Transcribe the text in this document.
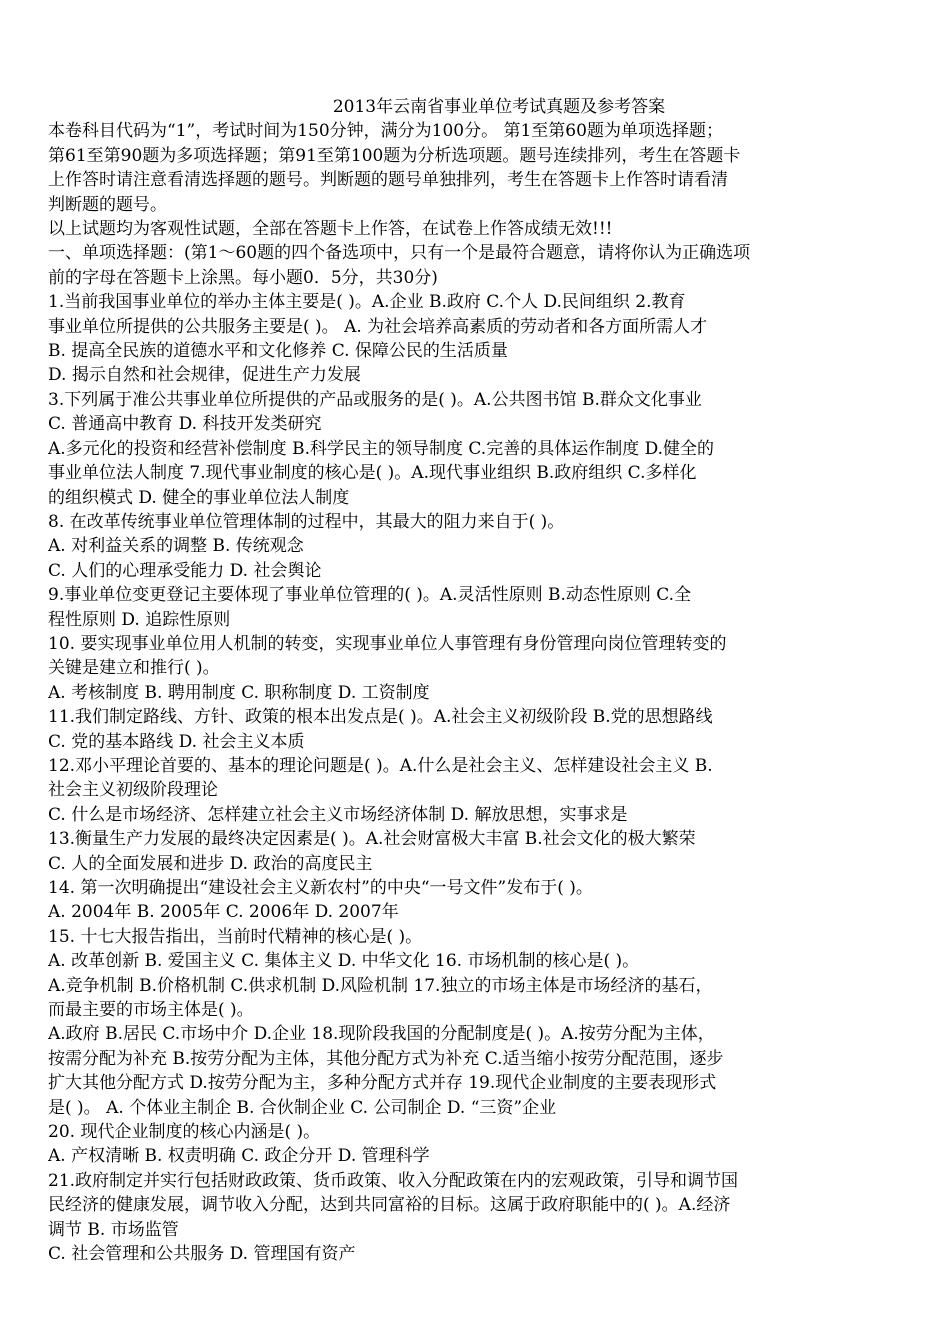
2013年云南省事业单位考试真题及参考答案

本卷科目代码为“1”，考试时间为150分钟，满分为100分。 第1至第60题为单项选择题；

第61至第90题为多项选择题；第91至第100题为分析选项题。题号连续排列，考生在答题卡

上作答时请注意看清选择题的题号。判断题的题号单独排列，考生在答题卡上作答时请看清

判断题的题号。

以上试题均为客观性试题，全部在答题卡上作答，在试卷上作答成绩无效!!!

一、单项选择题：(第1～60题的四个备选项中，只有一个是最符合题意，请将你认为正确选项

前的字母在答题卡上涂黑。每小题0．5分，共30分)

1.当前我国事业单位的举办主体主要是( )。A.企业 B.政府 C.个人 D.民间组织 2.教育

事业单位所提供的公共服务主要是( )。 A. 为社会培养高素质的劳动者和各方面所需人才

B. 提高全民族的道德水平和文化修养 C. 保障公民的生活质量

D. 揭示自然和社会规律，促进生产力发展

3.下列属于准公共事业单位所提供的产品或服务的是( )。A.公共图书馆 B.群众文化事业

C. 普通高中教育 D. 科技开发类研究

A.多元化的投资和经营补偿制度 B.科学民主的领导制度 C.完善的具体运作制度 D.健全的

事业单位法人制度 7.现代事业制度的核心是( )。A.现代事业组织 B.政府组织 C.多样化

的组织模式 D. 健全的事业单位法人制度

8. 在改革传统事业单位管理体制的过程中，其最大的阻力来自于( )。

A. 对利益关系的调整 B. 传统观念

C. 人们的心理承受能力 D. 社会舆论

9.事业单位变更登记主要体现了事业单位管理的( )。A.灵活性原则 B.动态性原则 C.全

程性原则 D. 追踪性原则

10. 要实现事业单位用人机制的转变，实现事业单位人事管理有身份管理向岗位管理转变的

关键是建立和推行( )。

A. 考核制度 B. 聘用制度 C. 职称制度 D. 工资制度

11.我们制定路线、方针、政策的根本出发点是( )。A.社会主义初级阶段 B.党的思想路线

C. 党的基本路线 D. 社会主义本质

12.邓小平理论首要的、基本的理论问题是( )。A.什么是社会主义、怎样建设社会主义 B.

社会主义初级阶段理论

C. 什么是市场经济、怎样建立社会主义市场经济体制 D. 解放思想，实事求是

13.衡量生产力发展的最终决定因素是( )。A.社会财富极大丰富 B.社会文化的极大繁荣

C. 人的全面发展和进步 D. 政治的高度民主

14. 第一次明确提出“建设社会主义新农村”的中央“一号文件”发布于( )。

A. 2004年 B. 2005年 C. 2006年 D. 2007年

15. 十七大报告指出，当前时代精神的核心是( )。

A. 改革创新 B. 爱国主义 C. 集体主义 D. 中华文化 16. 市场机制的核心是( )。

A.竞争机制 B.价格机制 C.供求机制 D.风险机制 17.独立的市场主体是市场经济的基石，

而最主要的市场主体是( )。

A.政府 B.居民 C.市场中介 D.企业 18.现阶段我国的分配制度是( )。A.按劳分配为主体，

按需分配为补充 B.按劳分配为主体，其他分配方式为补充 C.适当缩小按劳分配范围，逐步

扩大其他分配方式 D.按劳分配为主，多种分配方式并存 19.现代企业制度的主要表现形式

是( )。 A. 个体业主制企 B. 合伙制企业 C. 公司制企 D. “三资”企业

20. 现代企业制度的核心内涵是( )。

A. 产权清晰 B. 权责明确 C. 政企分开 D. 管理科学

21.政府制定并实行包括财政政策、货币政策、收入分配政策在内的宏观政策，引导和调节国

民经济的健康发展，调节收入分配，达到共同富裕的目标。这属于政府职能中的( )。A.经济

调节 B. 市场监管

C. 社会管理和公共服务 D. 管理国有资产
